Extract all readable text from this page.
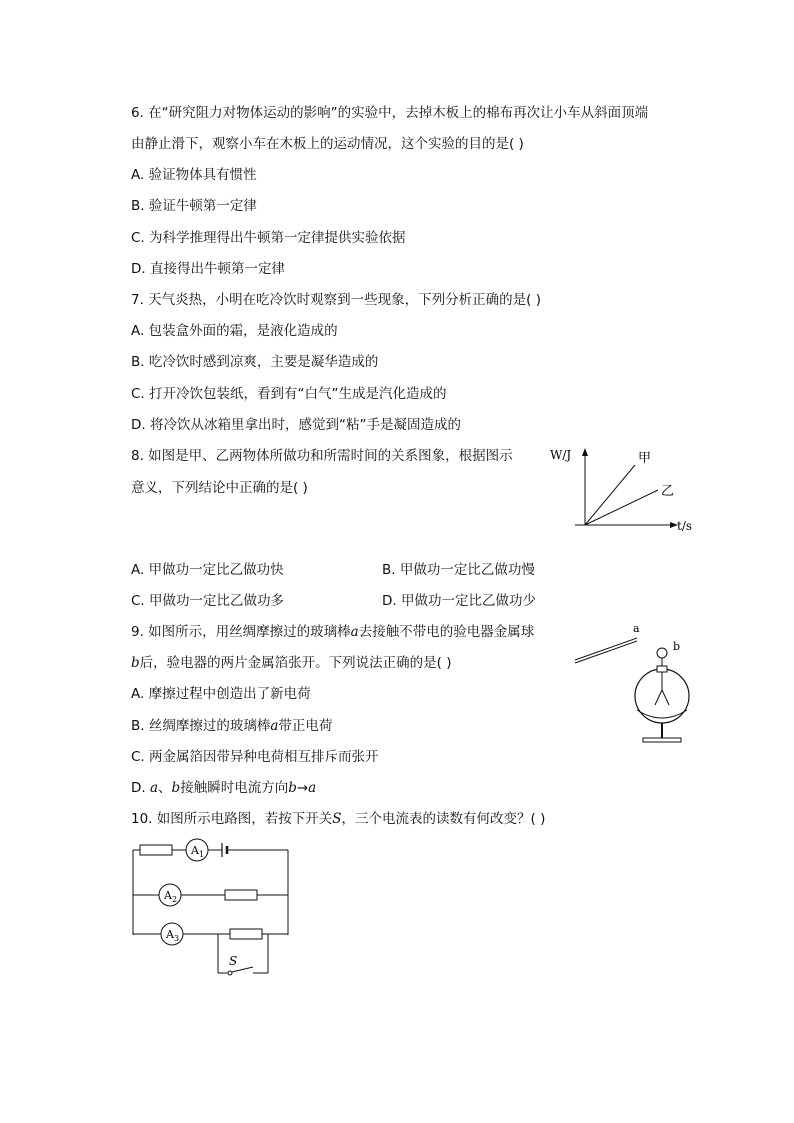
6. 在“研究阻力对物体运动的影响”的实验中，去掉木板上的棉布再次让小车从斜面顶端
由静止滑下，观察小车在木板上的运动情况，这个实验的目的是( )
A. 验证物体具有惯性
B. 验证牛顿第一定律
C. 为科学推理得出牛顿第一定律提供实验依据
D. 直接得出牛顿第一定律
7. 天气炎热，小明在吃冷饮时观察到一些现象，下列分析正确的是( )
A. 包装盒外面的霜，是液化造成的
B. 吃冷饮时感到凉爽，主要是凝华造成的
C. 打开冷饮包装纸，看到有“白气”生成是汽化造成的
D. 将冷饮从冰箱里拿出时，感觉到“粘”手是凝固造成的
8. 如图是甲、乙两物体所做功和所需时间的关系图象，根据图示
意义，下列结论中正确的是( )
W/J
t/s
甲
乙
A. 甲做功一定比乙做功快	B. 甲做功一定比乙做功慢
C. 甲做功一定比乙做功多	D. 甲做功一定比乙做功少
9. 如图所示，用丝绸摩擦过的玻璃棒a去接触不带电的验电器金属球
b后，验电器的两片金属箔张开。下列说法正确的是( )
A. 摩擦过程中创造出了新电荷
B. 丝绸摩擦过的玻璃棒a带正电荷
C. 两金属箔因带异种电荷相互排斥而张开
D. a、b接触瞬时电流方向b→a
a
b
10. 如图所示电路图，若按下开关S，三个电流表的读数有何改变？( )
$A_1$
$A_2$
$A_3$
S
